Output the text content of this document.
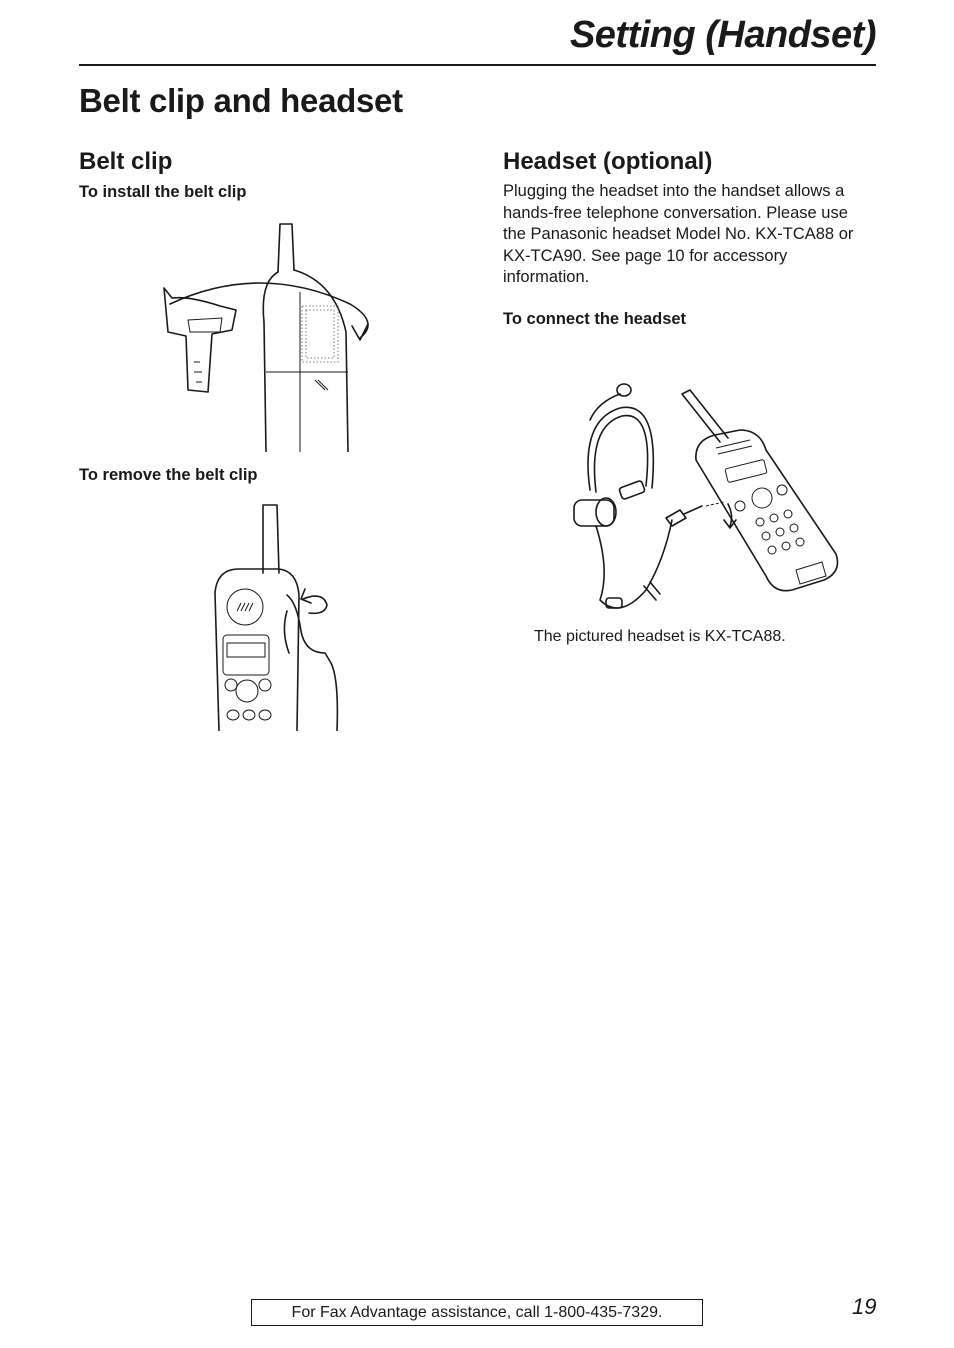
Setting (Handset)
Belt clip and headset
Belt clip
To install the belt clip
To remove the belt clip
Headset (optional)
Plugging the headset into the handset allows a
hands-free telephone conversation. Please use
the Panasonic headset Model No. KX-TCA88 or
KX-TCA90. See page 10 for accessory
information.
To connect the headset
The pictured headset is KX-TCA88.
For Fax Advantage assistance, call 1-800-435-7329.	19
